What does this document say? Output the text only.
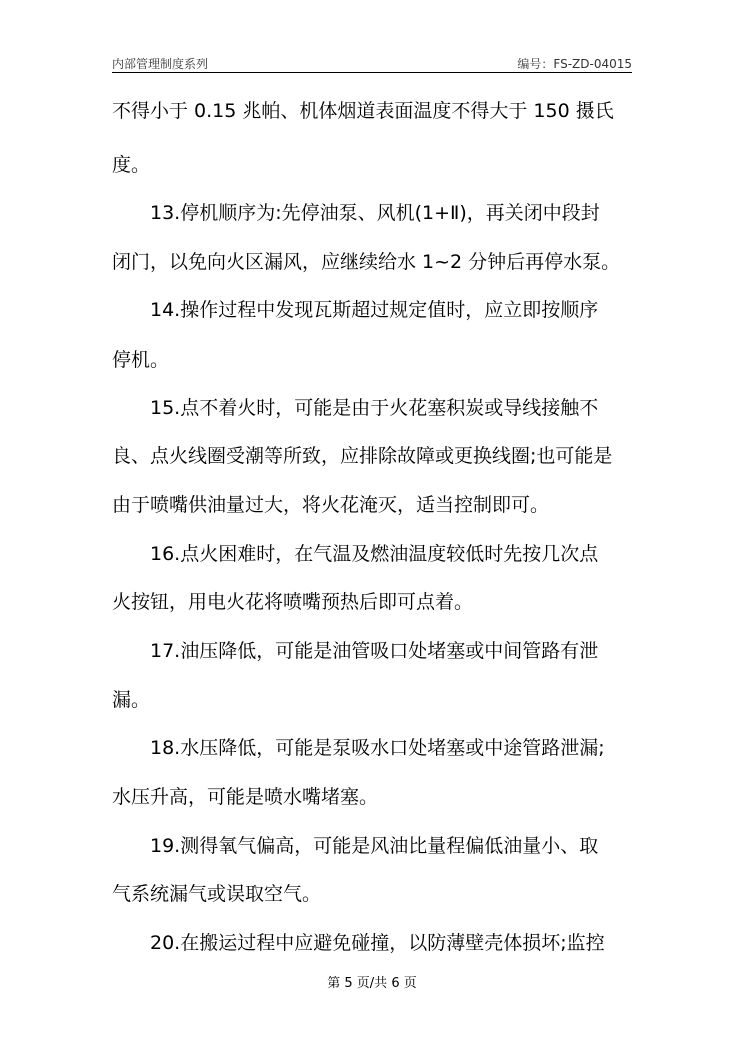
内部管理制度系列	编号：FS-ZD-04015
不得小于 0.15 兆帕、机体烟道表面温度不得大于 150 摄氏
度。
　　13.停机顺序为:先停油泵、风机(1+Ⅱ)，再关闭中段封
闭门，以免向火区漏风，应继续给水 1~2 分钟后再停水泵。
　　14.操作过程中发现瓦斯超过规定值时，应立即按顺序
停机。
　　15.点不着火时，可能是由于火花塞积炭或导线接触不
良、点火线圈受潮等所致，应排除故障或更换线圈;也可能是
由于喷嘴供油量过大，将火花淹灭，适当控制即可。
　　16.点火困难时，在气温及燃油温度较低时先按几次点
火按钮，用电火花将喷嘴预热后即可点着。
　　17.油压降低，可能是油管吸口处堵塞或中间管路有泄
漏。
　　18.水压降低，可能是泵吸水口处堵塞或中途管路泄漏;
水压升高，可能是喷水嘴堵塞。
　　19.测得氧气偏高，可能是风油比量程偏低油量小、取
气系统漏气或误取空气。
　　20.在搬运过程中应避免碰撞，以防薄壁壳体损坏;监控
第 5 页/共 6 页
